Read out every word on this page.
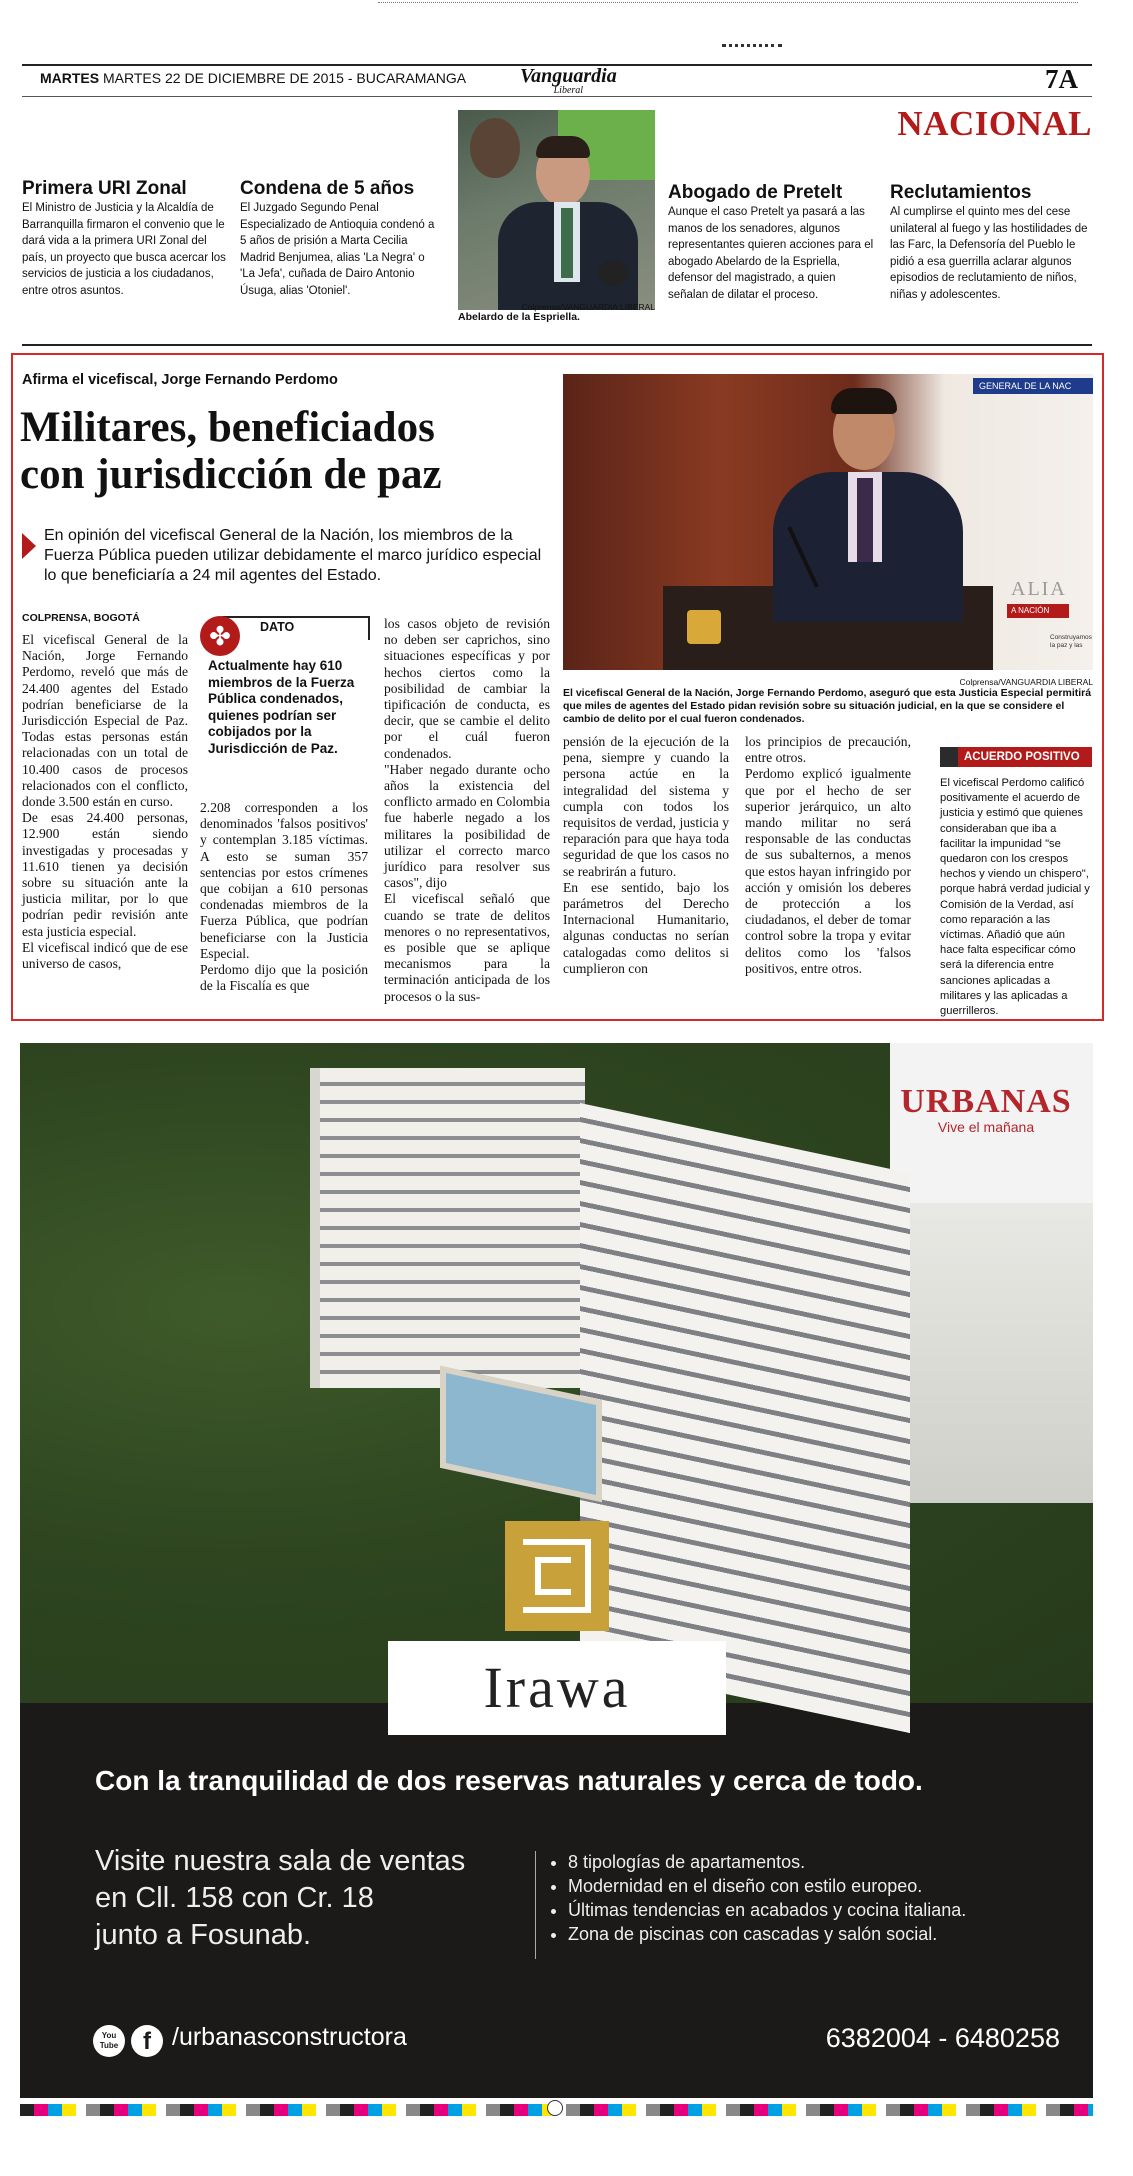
MARTES MARTES 22 DE DICIEMBRE DE 2015 - BUCARAMANGA	Vanguardia
Liberal	7A
NACIONAL
Primera URI Zonal
El Ministro de Justicia y la Alcaldía de Barranquilla firmaron el convenio que le dará vida a la primera URI Zonal del país, un proyecto que busca acercar los servicios de justicia a los ciudadanos, entre otros asuntos.
Condena de 5 años
El Juzgado Segundo Penal Especializado de Antioquia condenó a 5 años de prisión a Marta Cecilia Madrid Benjumea, alias 'La Negra' o 'La Jefa', cuñada de Dairo Antonio Úsuga, alias 'Otoniel'.
Colprensa/VANGUARDIA LIBERAL
Abelardo de la Espriella.
Abogado de Pretelt
Aunque el caso Pretelt ya pasará a las manos de los senadores, algunos representantes quieren acciones para el abogado Abelardo de la Espriella, defensor del magistrado, a quien señalan de dilatar el proceso.
Reclutamientos
Al cumplirse el quinto mes del cese unilateral al fuego y las hostilidades de las Farc, la Defensoría del Pueblo le pidió a esa guerrilla aclarar algunos episodios de reclutamiento de niños, niñas y adolescentes.
Afirma el vicefiscal, Jorge Fernando Perdomo
Militares, beneficiados
con jurisdicción de paz
En opinión del vicefiscal General de la Nación, los miembros de la Fuerza Pública pueden utilizar debidamente el marco jurídico especial lo que beneficiaría a 24 mil agentes del Estado.
COLPRENSA, BOGOTÁ
El vicefiscal General de la Nación, Jorge Fernando Perdomo, reveló que más de 24.400 agentes del Estado podrían beneficiarse de la Jurisdicción Especial de Paz. Todas estas personas están relacionadas con un total de 10.400 casos de procesos relacionados con el conflicto, donde 3.500 están en curso.
De esas 24.400 personas, 12.900 están siendo investigadas y procesadas y 11.610 tienen ya decisión sobre su situación ante la justicia militar, por lo que podrían pedir revisión ante esta justicia especial.
El vicefiscal indicó que de ese universo de casos,
✤	DATO
Actualmente hay 610 miembros de la Fuerza Pública condenados, quienes podrían ser cobijados por la Jurisdicción de Paz.
2.208 corresponden a los denominados 'falsos positivos' y contemplan 3.185 víctimas. A esto se suman 357 sentencias por estos crímenes que cobijan a 610 personas condenadas miembros de la Fuerza Pública, que podrían beneficiarse con la Justicia Especial.
Perdomo dijo que la posición de la Fiscalía es que
los casos objeto de revisión no deben ser caprichos, sino situaciones específicas y por hechos ciertos como la posibilidad de cambiar la tipificación de conducta, es decir, que se cambie el delito por el cuál fueron condenados.
"Haber negado durante ocho años la existencia del conflicto armado en Colombia fue haberle negado a los militares la posibilidad de utilizar el correcto marco jurídico para resolver sus casos", dijo
El vicefiscal señaló que cuando se trate de delitos menores o no representativos, es posible que se aplique mecanismos para la terminación anticipada de los procesos o la sus-
GENERAL DE LA NAC
ALIA
A NACIÓN
Construyamos la paz y las
Colprensa/VANGUARDIA LIBERAL
El vicefiscal General de la Nación, Jorge Fernando Perdomo, aseguró que esta Justicia Especial permitirá que miles de agentes del Estado pidan revisión sobre su situación judicial, en la que se considere el cambio de delito por el cual fueron condenados.
pensión de la ejecución de la pena, siempre y cuando la persona actúe en la integralidad del sistema y cumpla con todos los requisitos de verdad, justicia y reparación para que haya toda seguridad de que los casos no se reabrirán a futuro.
En ese sentido, bajo los parámetros del Derecho Internacional Humanitario, algunas conductas no serían catalogadas como delitos si cumplieron con
los principios de precaución, entre otros.
Perdomo explicó igualmente que por el hecho de ser superior jerárquico, un alto mando militar no será responsable de las conductas de sus subalternos, a menos que estos hayan infringido por acción y omisión los deberes de protección a los ciudadanos, el deber de tomar control sobre la tropa y evitar delitos como los 'falsos positivos, entre otros.
ACUERDO POSITIVO
El vicefiscal Perdomo calificó positivamente el acuerdo de justicia y estimó que quienes consideraban que iba a facilitar la impunidad "se quedaron con los crespos hechos y viendo un chispero", porque habrá verdad judicial y Comisión de la Verdad, así como reparación a las víctimas. Añadió que aún hace falta especificar cómo será la diferencia entre sanciones aplicadas a militares y las aplicadas a guerrilleros.
URBANAS
Vive el mañana
Irawa
Con la tranquilidad de dos reservas naturales y cerca de todo.
Visite nuestra sala de ventas
en Cll. 158 con Cr. 18
junto a Fosunab.
• 8 tipologías de apartamentos.
• Modernidad en el diseño con estilo europeo.
• Últimas tendencias en acabados y cocina italiana.
• Zona de piscinas con cascadas y salón social.
You Tube	f /urbanasconstructora	6382004 - 6480258
